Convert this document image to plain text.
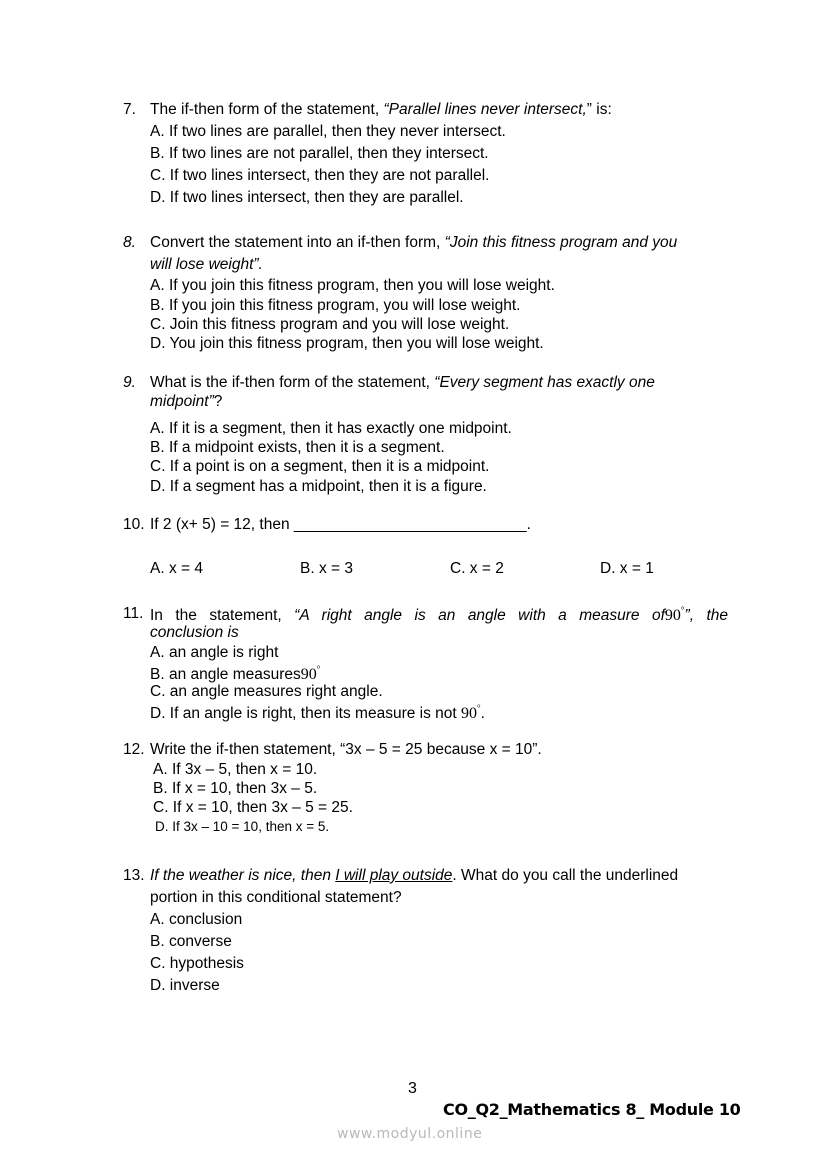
7. The if-then form of the statement, “Parallel lines never intersect,” is:
A. If two lines are parallel, then they never intersect.
B. If two lines are not parallel, then they intersect.
C. If two lines intersect, then they are not parallel.
D. If two lines intersect, then they are parallel.
8. Convert the statement into an if-then form, “Join this fitness program and you
will lose weight”.
A. If you join this fitness program, then you will lose weight.
B. If you join this fitness program, you will lose weight.
C. Join this fitness program and you will lose weight.
D. You join this fitness program, then you will lose weight.
9. What is the if-then form of the statement, “Every segment has exactly one
midpoint”?
A. If it is a segment, then it has exactly one midpoint.
B. If a midpoint exists, then it is a segment.
C. If a point is on a segment, then it is a midpoint.
D. If a segment has a midpoint, then it is a figure.
10. If 2 (x+ 5) = 12, then ___________________________.
A. x = 4	B. x = 3	C. x = 2	D. x = 1
11. In the statement, “A right angle is an angle with a measure of90°”, the
conclusion is
A. an angle is right
B. an angle measures90°
C. an angle measures right angle.
D. If an angle is right, then its measure is not 90°.
12. Write the if-then statement, “3x – 5 = 25 because x = 10”.
A. If 3x – 5, then x = 10.
B. If x = 10, then 3x – 5.
C. If x = 10, then 3x – 5 = 25.
D. If 3x – 10 = 10, then x = 5.
13. If the weather is nice, then I will play outside. What do you call the underlined
portion in this conditional statement?
A. conclusion
B. converse
C. hypothesis
D. inverse
3
CO_Q2_Mathematics 8_ Module 10
www.modyul.online
